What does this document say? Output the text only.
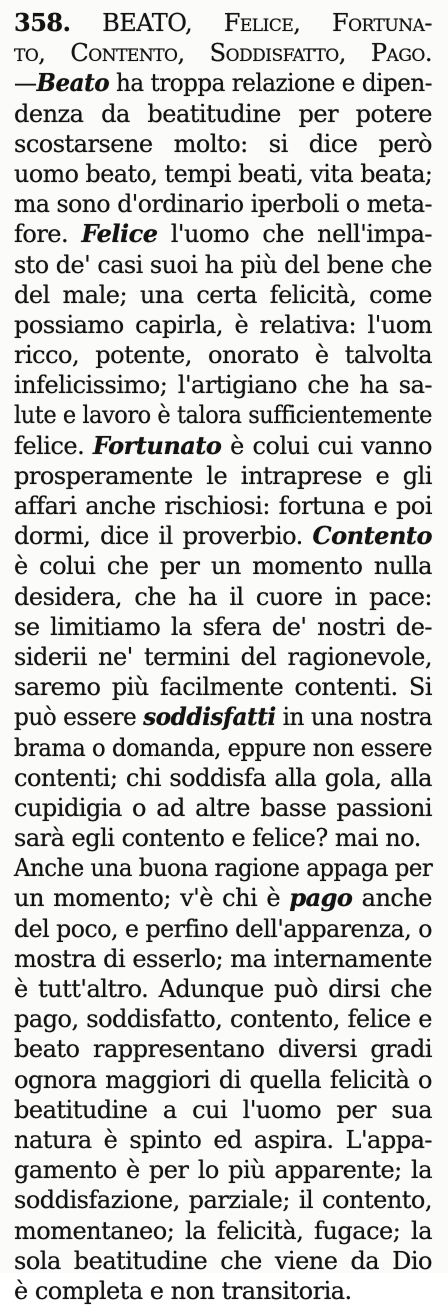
358. BEATO, Felice, Fortuna-
to, Contento, Soddisfatto, Pago.
—Beato ha troppa relazione e dipen-
denza da beatitudine per potere
scostarsene molto: si dice però
uomo beato, tempi beati, vita beata;
ma sono d'ordinario iperboli o meta-
fore. Felice l'uomo che nell'impa-
sto de' casi suoi ha più del bene che
del male; una certa felicità, come
possiamo capirla, è relativa: l'uom
ricco, potente, onorato è talvolta
infelicissimo; l'artigiano che ha sa-
lute e lavoro è talora sufficientemente
felice. Fortunato è colui cui vanno
prosperamente le intraprese e gli
affari anche rischiosi: fortuna e poi
dormi, dice il proverbio. Contento
è colui che per un momento nulla
desidera, che ha il cuore in pace:
se limitiamo la sfera de' nostri de-
siderii ne' termini del ragionevole,
saremo più facilmente contenti. Si
può essere soddisfatti in una nostra
brama o domanda, eppure non essere
contenti; chi soddisfa alla gola, alla
cupidigia o ad altre basse passioni
sarà egli contento e felice? mai no.
Anche una buona ragione appaga per
un momento; v'è chi è pago anche
del poco, e perfino dell'apparenza, o
mostra di esserlo; ma internamente
è tutt'altro. Adunque può dirsi che
pago, soddisfatto, contento, felice e
beato rappresentano diversi gradi
ognora maggiori di quella felicità o
beatitudine a cui l'uomo per sua
natura è spinto ed aspira. L'appa-
gamento è per lo più apparente; la
soddisfazione, parziale; il contento,
momentaneo; la felicità, fugace; la
sola beatitudine che viene da Dio
è completa e non transitoria.
